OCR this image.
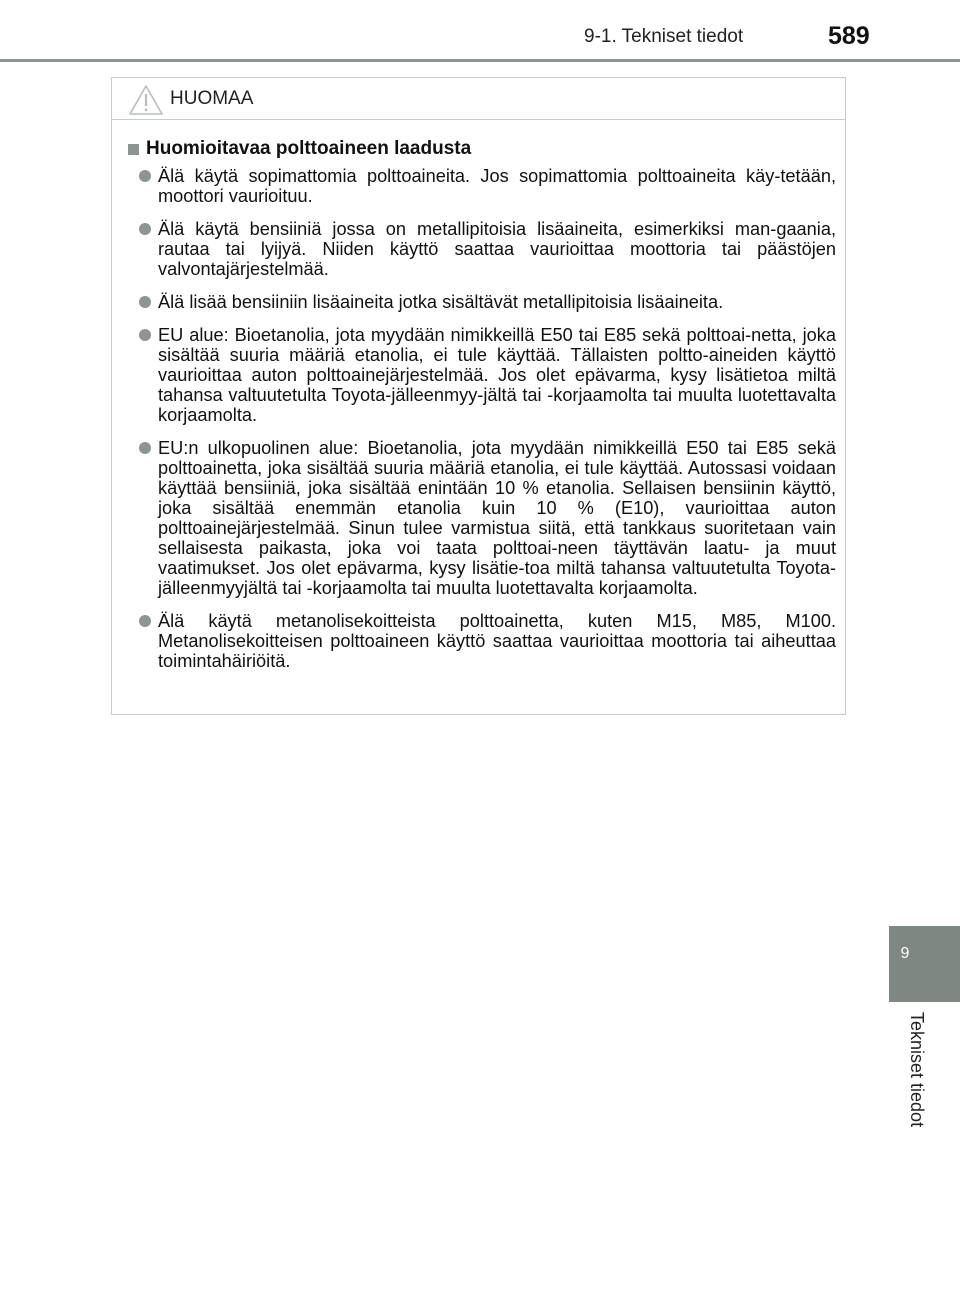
9-1. Tekniset tiedot	589
9
Tekniset tiedot
HUOMAA
Huomioitavaa polttoaineen laadusta
Älä käytä sopimattomia polttoaineita. Jos sopimattomia polttoaineita käy-tetään, moottori vaurioituu.
Älä käytä bensiiniä jossa on metallipitoisia lisäaineita, esimerkiksi man-gaania, rautaa tai lyijyä. Niiden käyttö saattaa vaurioittaa moottoria tai päästöjen valvontajärjestelmää.
Älä lisää bensiiniin lisäaineita jotka sisältävät metallipitoisia lisäaineita.
EU alue: Bioetanolia, jota myydään nimikkeillä E50 tai E85 sekä polttoai-netta, joka sisältää suuria määriä etanolia, ei tule käyttää. Tällaisten poltto-aineiden käyttö vaurioittaa auton polttoainejärjestelmää. Jos olet epävarma, kysy lisätietoa miltä tahansa valtuutetulta Toyota-jälleenmyy-jältä tai -korjaamolta tai muulta luotettavalta korjaamolta.
EU:n ulkopuolinen alue: Bioetanolia, jota myydään nimikkeillä E50 tai E85 sekä polttoainetta, joka sisältää suuria määriä etanolia, ei tule käyttää. Autossasi voidaan käyttää bensiiniä, joka sisältää enintään 10 % etanolia. Sellaisen bensiinin käyttö, joka sisältää enemmän etanolia kuin 10 % (E10), vaurioittaa auton polttoainejärjestelmää. Sinun tulee varmistua siitä, että tankkaus suoritetaan vain sellaisesta paikasta, joka voi taata polttoai-neen täyttävän laatu- ja muut vaatimukset. Jos olet epävarma, kysy lisätie-toa miltä tahansa valtuutetulta Toyota-jälleenmyyjältä tai -korjaamolta tai muulta luotettavalta korjaamolta.
Älä käytä metanolisekoitteista polttoainetta, kuten M15, M85, M100. Metanolisekoitteisen polttoaineen käyttö saattaa vaurioittaa moottoria tai aiheuttaa toimintahäiriöitä.
